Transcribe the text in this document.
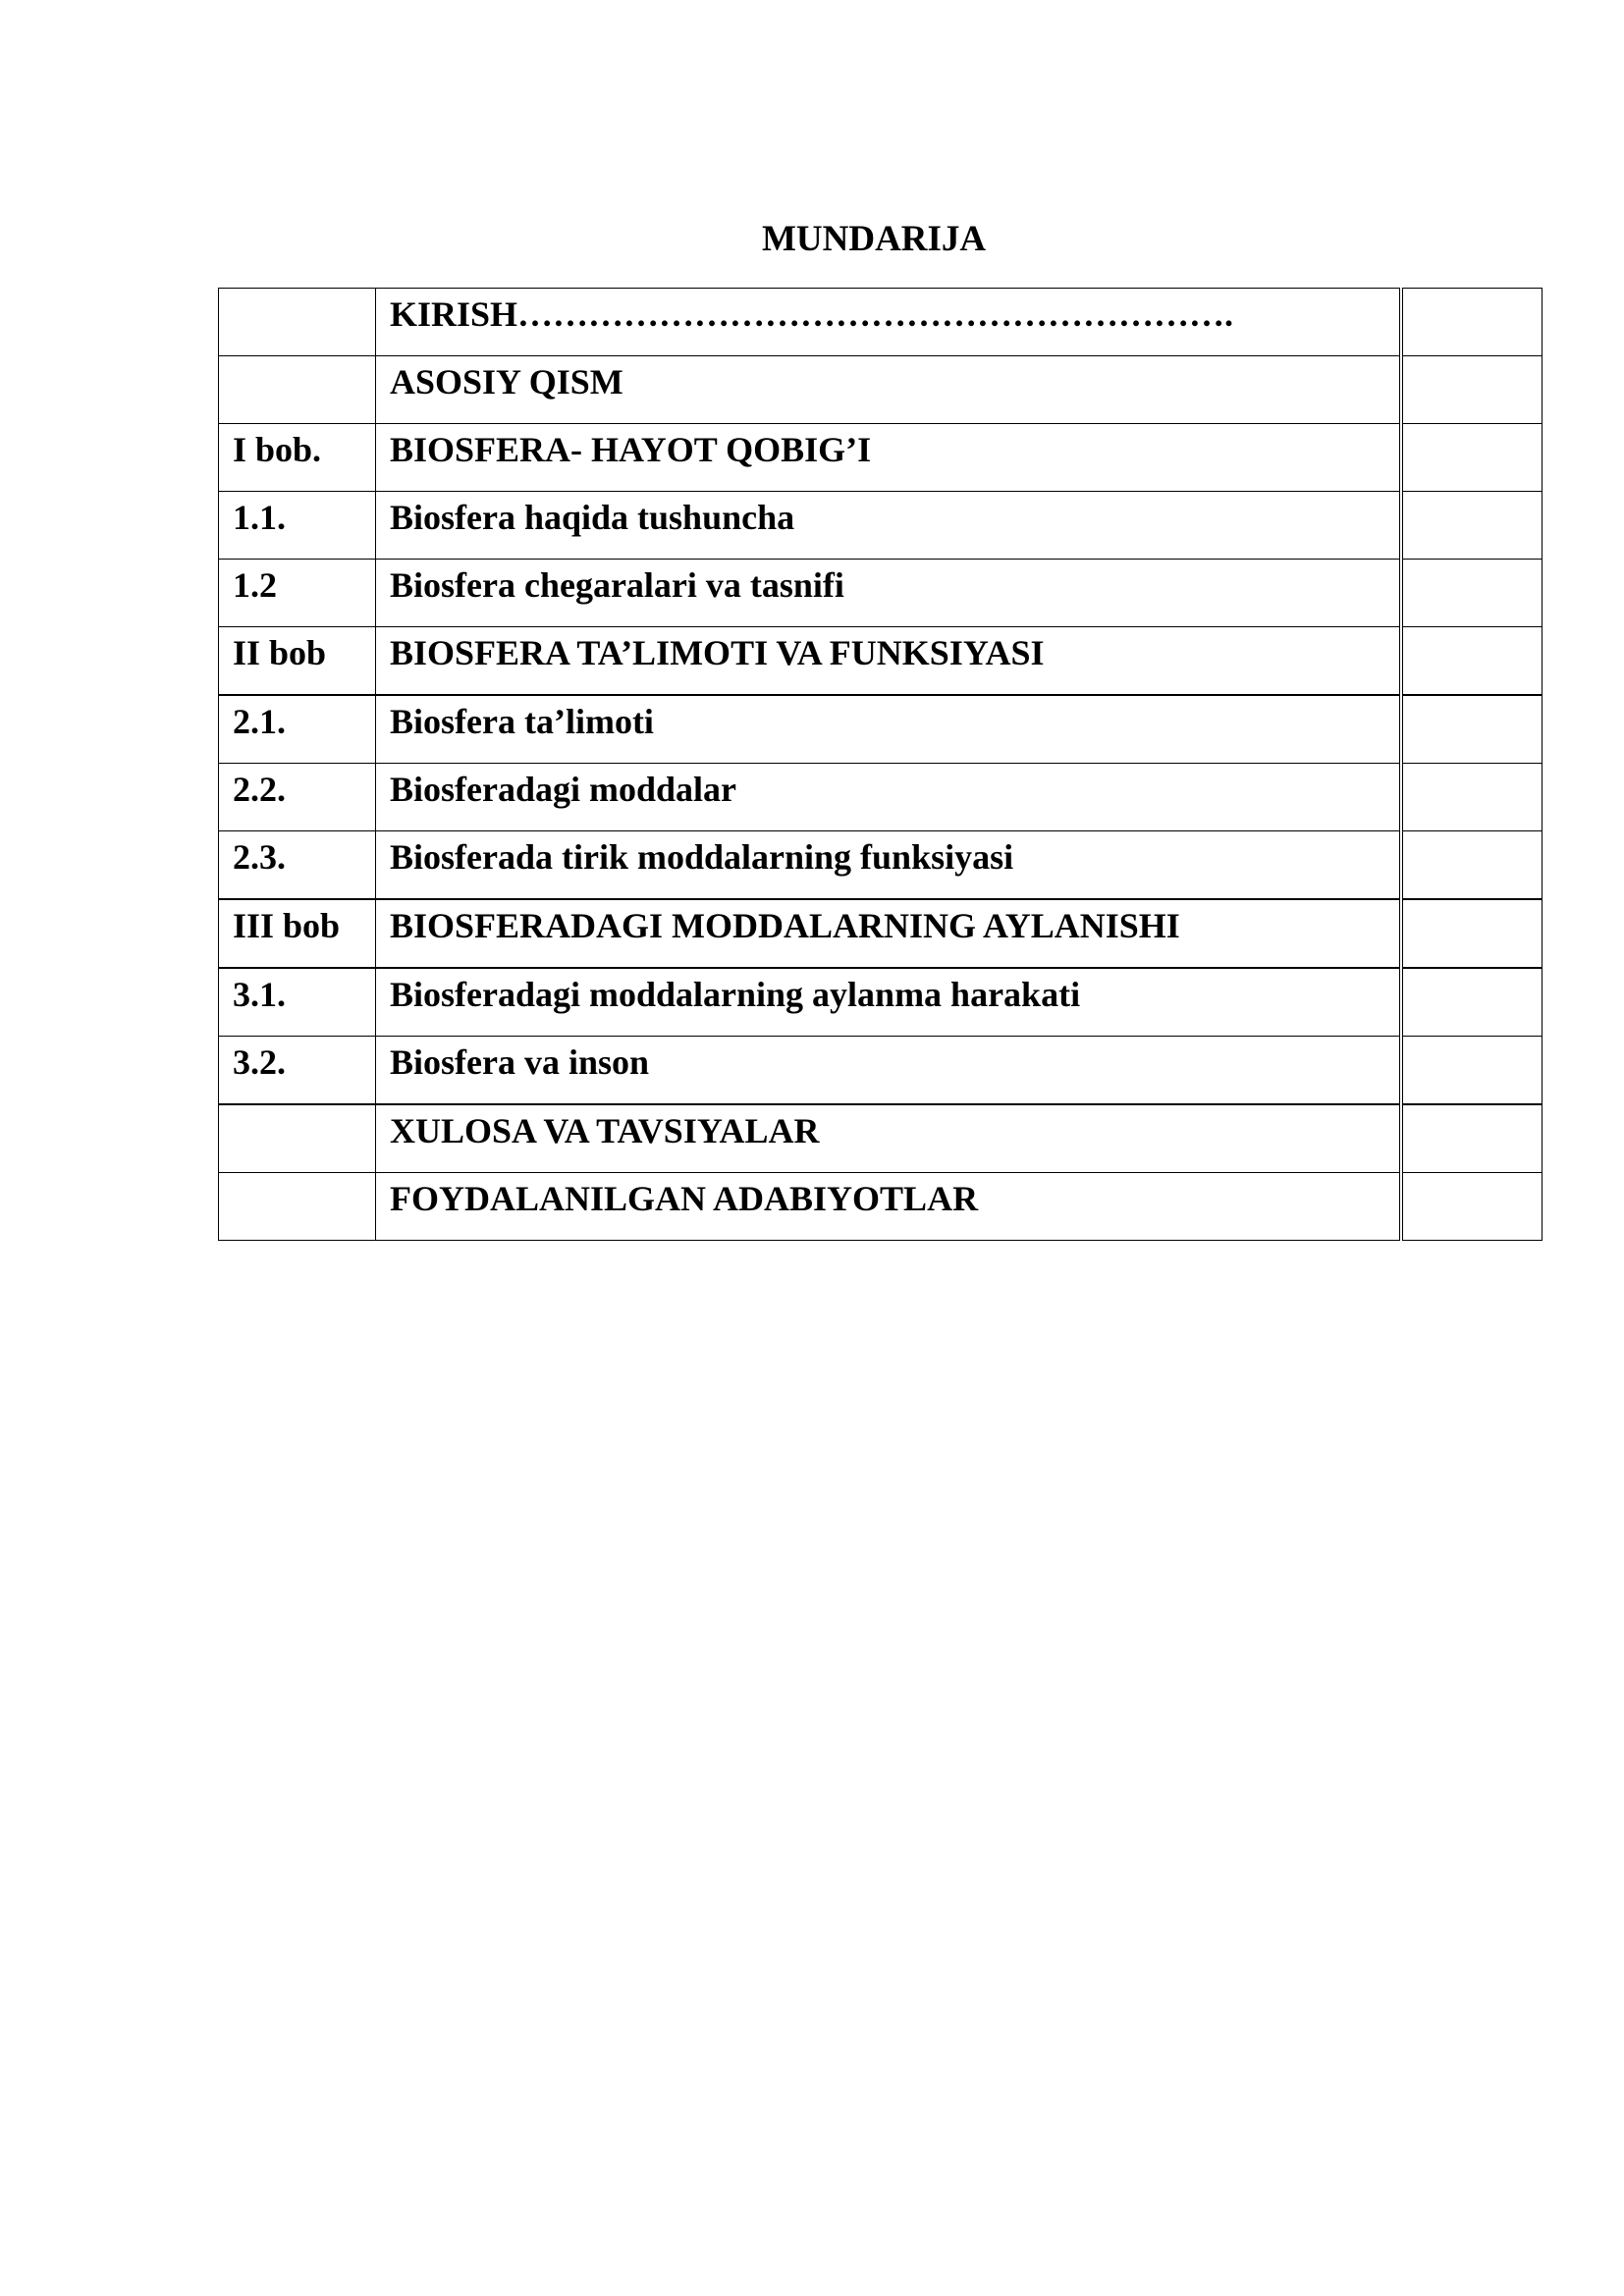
MUNDARIJA
	KIRISH…………………………………………………….	
	ASOSIY QISM	
I bob.	BIOSFERA- HAYOT QOBIG’I	
1.1.	Biosfera haqida tushuncha	
1.2	Biosfera chegaralari va tasnifi	
II bob	BIOSFERA TA’LIMOTI VA FUNKSIYASI	
2.1.	Biosfera ta’limoti	
2.2.	Biosferadagi moddalar	
2.3.	Biosferada tirik moddalarning funksiyasi	
III bob	BIOSFERADAGI MODDALARNING AYLANISHI	
3.1.	Biosferadagi moddalarning aylanma harakati	
3.2.	Biosfera va inson	
	XULOSA VA TAVSIYALAR	
	FOYDALANILGAN ADABIYOTLAR	
